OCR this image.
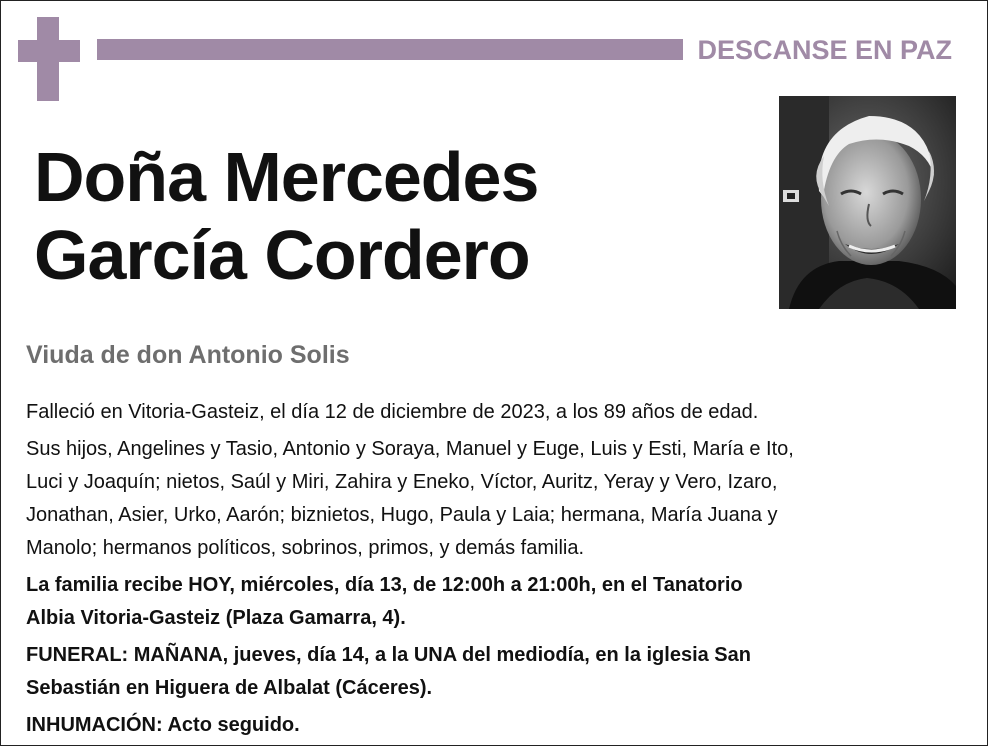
DESCANSE EN PAZ
Doña Mercedes
García Cordero
Viuda de don Antonio Solis
Falleció en Vitoria-Gasteiz, el día 12 de diciembre de 2023, a los 89 años de edad.
Sus hijos, Angelines y Tasio, Antonio y Soraya, Manuel y Euge, Luis y Esti, María e Ito,
Luci y Joaquín; nietos, Saúl y Miri, Zahira y Eneko, Víctor, Auritz, Yeray y Vero, Izaro,
Jonathan, Asier, Urko, Aarón; biznietos, Hugo, Paula y Laia; hermana, María Juana y
Manolo; hermanos políticos, sobrinos, primos, y demás familia.
La familia recibe HOY, miércoles, día 13, de 12:00h a 21:00h, en el Tanatorio
Albia Vitoria-Gasteiz (Plaza Gamarra, 4).
FUNERAL: MAÑANA, jueves, día 14, a la UNA del mediodía, en la iglesia San
Sebastián en Higuera de Albalat (Cáceres).
INHUMACIÓN: Acto seguido.
